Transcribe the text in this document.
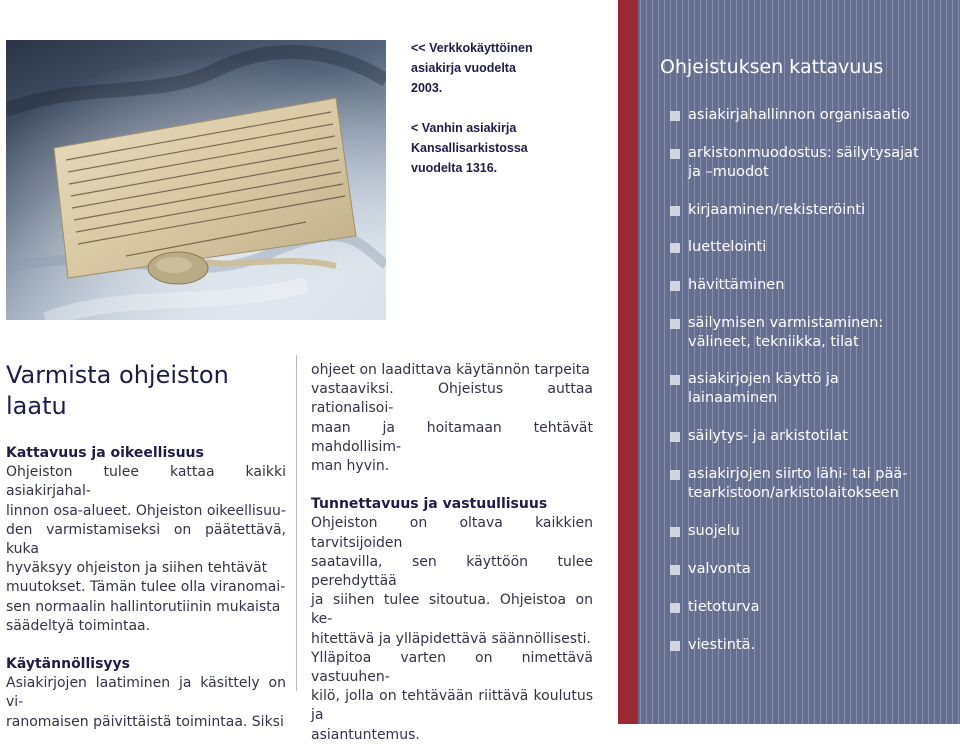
<< Verkkokäyttöinen
asiakirja vuodelta
2003.
< Vanhin asiakirja
Kansallisarkistossa
vuodelta 1316.
Ohjeistuksen kattavuus
asiakirjahallinnon organisaatio
arkistonmuodostus: säilytysajat
ja –muodot
kirjaaminen/rekisteröinti
luettelointi
hävittäminen
säilymisen varmistaminen:
välineet, tekniikka, tilat
asiakirjojen käyttö ja
lainaaminen
säilytys- ja arkistotilat
asiakirjojen siirto lähi- tai pää-
tearkistoon/arkistolaitokseen
suojelu
valvonta
tietoturva
viestintä.
Varmista ohjeiston
laatu
Kattavuus ja oikeellisuus

Ohjeiston tulee kattaa kaikki asiakirjahal-

linnon osa-alueet. Ohjeiston oikeellisuu-

den varmistamiseksi on päätettävä, kuka

hyväksyy ohjeiston ja siihen tehtävät

muutokset. Tämän tulee olla viranomai-

sen normaalin hallintorutiinin mukaista

säädeltyä toimintaa.

Käytännöllisyys

Asiakirjojen laatiminen ja käsittely on vi-

ranomaisen päivittäistä toimintaa. Siksi

ohjeet on laadittava käytännön tarpeita

vastaaviksi. Ohjeistus auttaa rationalisoi-

maan ja hoitamaan tehtävät mahdollisim-

man hyvin.

Tunnettavuus ja vastuullisuus

Ohjeiston on oltava kaikkien tarvitsijoiden

saatavilla, sen käyttöön tulee perehdyttää

ja siihen tulee sitoutua. Ohjeistoa on ke-

hitettävä ja ylläpidettävä säännöllisesti.

Ylläpitoa varten on nimettävä vastuuhen-

kilö, jolla on tehtävään riittävä koulutus ja

asiantuntemus.
